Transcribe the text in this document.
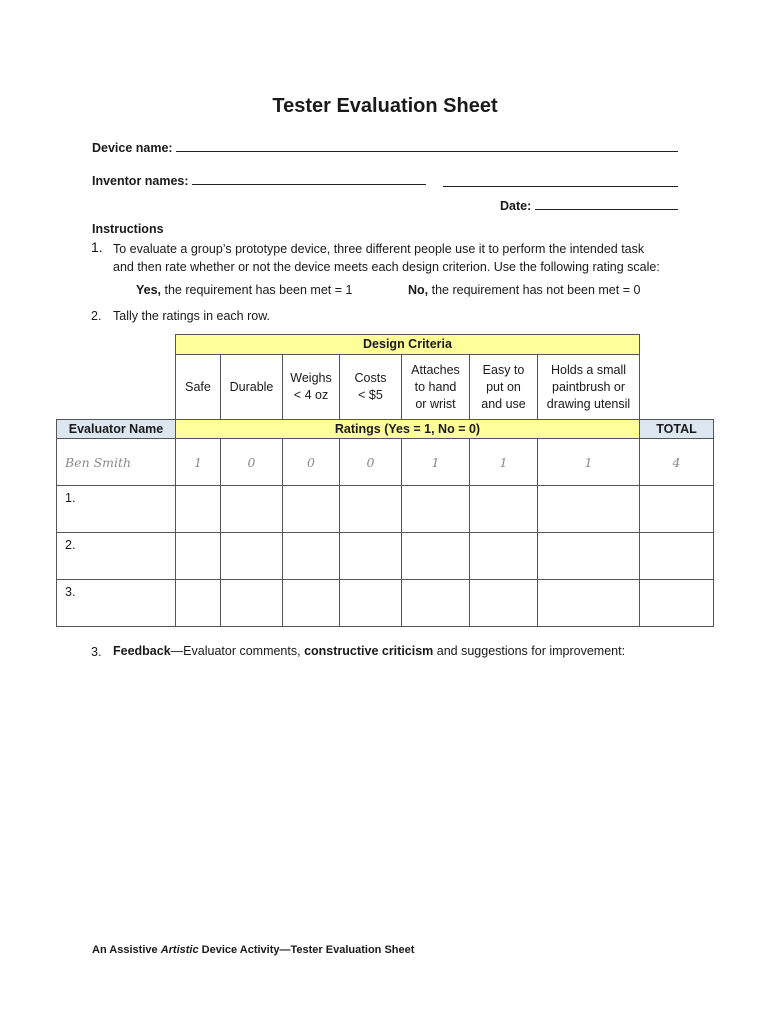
Tester Evaluation Sheet
Device name:
Inventor names:
Date:
Instructions
1. To evaluate a group’s prototype device, three different people use it to perform the intended task
and then rate whether or not the device meets each design criterion. Use the following rating scale:
Yes, the requirement has been met = 1	No, the requirement has not been met = 0
2. Tally the ratings in each row.
	Design Criteria							
	Safe	Durable	Weighs
< 4 oz	Costs
< $5	Attaches
to hand
or wrist	Easy to
put on
and use	Holds a small
paintbrush or
drawing utensil	
Evaluator Name	Ratings (Yes = 1, No = 0)							TOTAL
Ben Smith	1	0	0	0	1	1	1	4
1.								
2.								
3.								
3. Feedback—Evaluator comments, constructive criticism and suggestions for improvement:
An Assistive Artistic Device Activity—Tester Evaluation Sheet
